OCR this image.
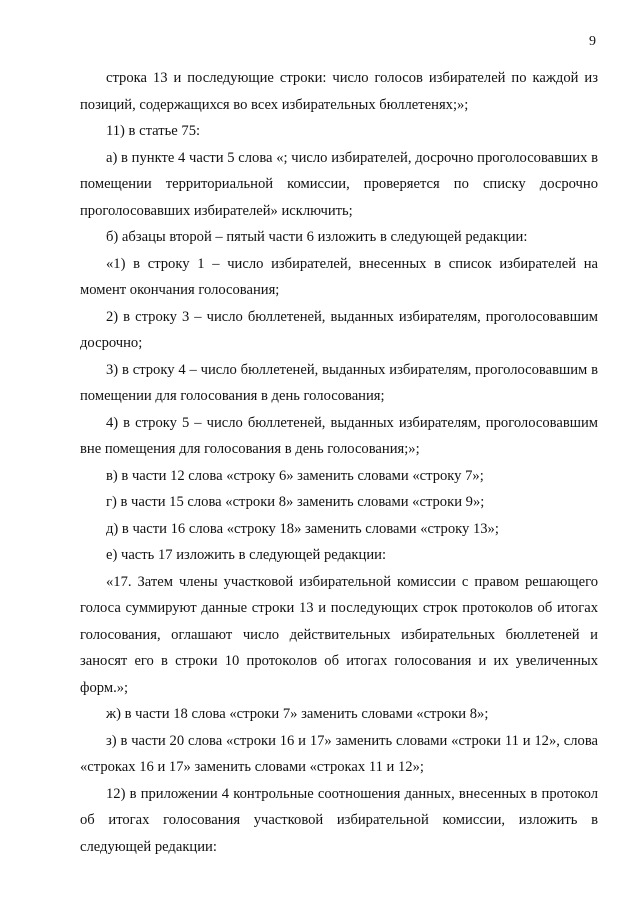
9

строка 13 и последующие строки: число голосов избирателей по каждой из позиций, содержащихся во всех избирательных бюллетенях;»;

11) в статье 75:

а) в пункте 4 части 5 слова «; число избирателей, досрочно проголосовавших в помещении территориальной комиссии, проверяется по списку досрочно проголосовавших избирателей» исключить;

б) абзацы второй – пятый части 6 изложить в следующей редакции:

«1) в строку 1 – число избирателей, внесенных в список избирателей на момент окончания голосования;

2) в строку 3 – число бюллетеней, выданных избирателям, проголосовавшим досрочно;

3) в строку 4 – число бюллетеней, выданных избирателям, проголосовавшим в помещении для голосования в день голосования;

4) в строку 5 – число бюллетеней, выданных избирателям, проголосовавшим вне помещения для голосования в день голосования;»;

в) в части 12 слова «строку 6» заменить словами «строку 7»;

г) в части 15 слова «строки 8» заменить словами «строки 9»;

д) в части 16 слова «строку 18» заменить словами «строку 13»;

е) часть 17 изложить в следующей редакции:

«17. Затем члены участковой избирательной комиссии с правом решающего голоса суммируют данные строки 13 и последующих строк протоколов об итогах голосования, оглашают число действительных избирательных бюллетеней и заносят его в строки 10 протоколов об итогах голосования и их увеличенных форм.»;

ж) в части 18 слова «строки 7» заменить словами «строки 8»;

з) в части 20 слова «строки 16 и 17» заменить словами «строки 11 и 12», слова «строках 16 и 17» заменить словами «строках 11 и 12»;

12) в приложении 4 контрольные соотношения данных, внесенных в протокол об итогах голосования участковой избирательной комиссии, изложить в следующей редакции:
